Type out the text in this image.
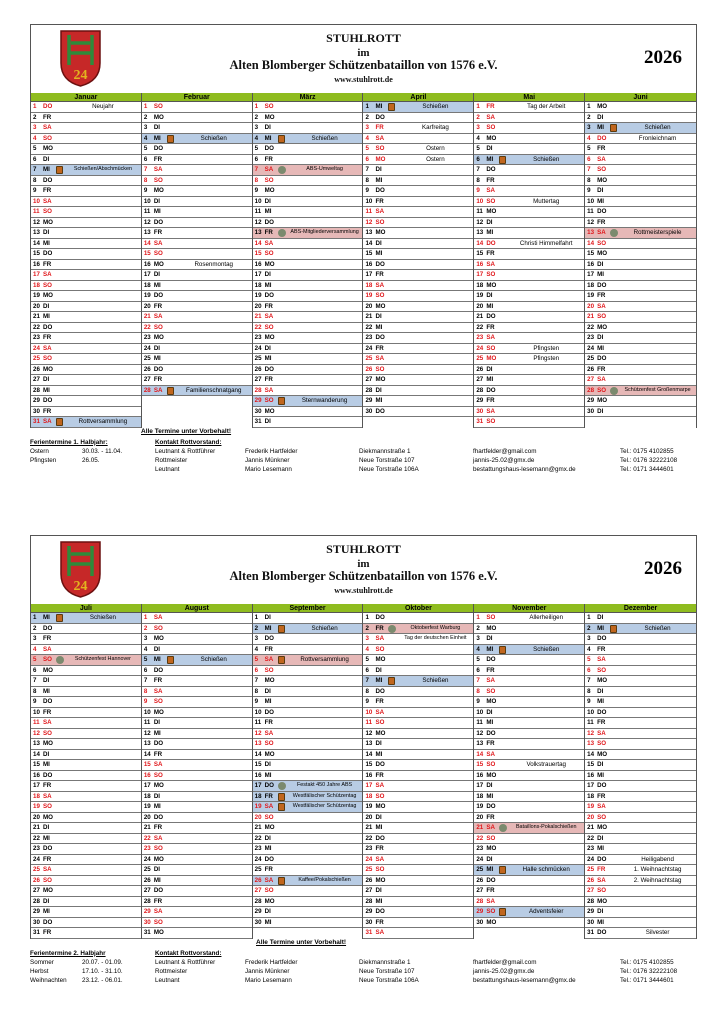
24
STUHLROTT
im
Alten Blomberger Schützenbataillon von 1576 e.V.
www.stuhlrott.de
2026
Januar
1	DO	Neujahr
2	FR
3	SA
4	SO
5	MO
6	DI
7	MI	Schießen/Abschmücken
8	DO
9	FR
10 SA
11 SO
12 MO
13 DI
14 MI
15 DO
16 FR
17 SA
18 SO
19 MO
20 DI
21 MI
22 DO
23 FR
24 SA
25 SO
26 MO
27 DI
28 MI
29 DO
30 FR
31 SA	Rottversammlung
Februar
1	SO
2	MO
3	DI
4	MI	Schießen
5	DO
6	FR
7	SA
8	SO
9	MO
10 DI
11 MI
12 DO
13 FR
14 SA
15 SO
16 MO	Rosenmontag
17 DI
18 MI
19 DO
20 FR
21 SA
22 SO
23 MO
24 DI
25 MI
26 DO
27 FR
28 SA	Familienschnatgang
März
1	SO
2	MO
3	DI
4	MI	Schießen
5	DO
6	FR
7	SA	ABS-Umweltag
8	SO
9	MO
10 DI
11 MI
12 DO
13 FR	ABS-Mitgliederversammlung
14 SA
15 SO
16 MO
17 DI
18 MI
19 DO
20 FR
21 SA
22 SO
23 MO
24 DI
25 MI
26 DO
27 FR
28 SA
29 SO	Sternwanderung
30 MO
31 DI
April
1	MI	Schießen
2	DO
3	FR	Karfreitag
4	SA
5	SO	Ostern
6	MO	Ostern
7	DI
8	MI
9	DO
10 FR
11 SA
12 SO
13 MO
14 DI
15 MI
16 DO
17 FR
18 SA
19 SO
20 MO
21 DI
22 MI
23 DO
24 FR
25 SA
26 SO
27 MO
28 DI
29 MI
30 DO
Mai
1	FR	Tag der Arbeit
2	SA
3	SO
4	MO
5	DI
6	MI	Schießen
7	DO
8	FR
9	SA
10 SO	Muttertag
11 MO
12 DI
13 MI
14 DO	Christi Himmelfahrt
15 FR
16 SA
17 SO
18 MO
19 DI
20 MI
21 DO
22 FR
23 SA
24 SO	Pfingsten
25 MO	Pfingsten
26 DI
27 MI
28 DO
29 FR
30 SA
31 SO
Juni
1	MO
2	DI
3	MI	Schießen
4	DO	Fronleichnam
5	FR
6	SA
7	SO
8	MO
9	DI
10 MI
11 DO
12 FR
13 SA	Rottmeisterspiele
14 SO
15 MO
16 DI
17 MI
18 DO
19 FR
20 SA
21 SO
22 MO
23 DI
24 MI
25 DO
26 FR
27 SA
28 SO	Schützenfest Großenmarpe
29 MO
30 DI
Alle Termine unter Vorbehalt!
Ferientermine 1. Halbjahr:
Ostern	30.03. - 11.04.
Pfingsten	26.05.
Kontakt Rottvorstand:
Leutnant & Rottführer	Frederik Hartfelder	Diekmannstraße 1	fhartfelder@gmail.com	Tel.: 0175 4102855
Rottmeister	Jannis Münkner	Neue Torstraße 107	jannis-25.02@gmx.de	Tel.: 0176 32222108
Leutnant	Mario Lesemann	Neue Torstraße 106A	bestattungshaus-lesemann@gmx.de	Tel.: 0171 3444601
24
STUHLROTT
im
Alten Blomberger Schützenbataillon von 1576 e.V.
www.stuhlrott.de
2026
Juli
1	MI	Schießen
2	DO
3	FR
4	SA
5	SO	Schützenfest Hannover
6	MO
7	DI
8	MI
9	DO
10 FR
11 SA
12 SO
13 MO
14 DI
15 MI
16 DO
17 FR
18 SA
19 SO
20 MO
21 DI
22 MI
23 DO
24 FR
25 SA
26 SO
27 MO
28 DI
29 MI
30 DO
31 FR
August
1	SA
2	SO
3	MO
4	DI
5	MI	Schießen
6	DO
7	FR
8	SA
9	SO
10 MO
11 DI
12 MI
13 DO
14 FR
15 SA
16 SO
17 MO
18 DI
19 MI
20 DO
21 FR
22 SA
23 SO
24 MO
25 DI
26 MI
27 DO
28 FR
29 SA
30 SO
31 MO
September
1	DI
2	MI	Schießen
3	DO
4	FR
5	SA	Rottversammlung
6	SO
7	MO
8	DI
9	MI
10 DO
11 FR
12 SA
13 SO
14 MO
15 DI
16 MI
17 DO	Festakt 450 Jahre ABS
18 FR	Westfälischer Schützentag
19 SA	Westfälischer Schützentag
20 SO
21 MO
22 DI
23 MI
24 DO
25 FR
26 SA	Kaffee/Pokalschießen
27 SO
28 MO
29 DI
30 MI
Oktober
1	DO
2	FR	Oktoberfest Warburg
3	SA	Tag der deutschen Einheit
4	SO
5	MO
6	DI
7	MI	Schießen
8	DO
9	FR
10 SA
11 SO
12 MO
13 DI
14 MI
15 DO
16 FR
17 SA
18 SO
19 MO
20 DI
21 MI
22 DO
23 FR
24 SA
25 SO
26 MO
27 DI
28 MI
29 DO
30 FR
31 SA
November
1	SO	Allerheiligen
2	MO
3	DI
4	MI	Schießen
5	DO
6	FR
7	SA
8	SO
9	MO
10 DI
11 MI
12 DO
13 FR
14 SA
15 SO	Volkstrauertag
16 MO
17 DI
18 MI
19 DO
20 FR
21 SA	Bataillons-Pokalschießen
22 SO
23 MO
24 DI
25 MI	Halle schmücken
26 DO
27 FR
28 SA
29 SO	Adventsfeier
30 MO
Dezember
1	DI
2	MI	Schießen
3	DO
4	FR
5	SA
6	SO
7	MO
8	DI
9	MI
10 DO
11 FR
12 SA
13 SO
14 MO
15 DI
16 MI
17 DO
18 FR
19 SA
20 SO
21 MO
22 DI
23 MI
24 DO	Heiligabend
25 FR	1. Weihnachtstag
26 SA	2. Weihnachtstag
27 SO
28 MO
29 DI
30 MI
31 DO	Silvester
Alle Termine unter Vorbehalt!
Ferientermine 2. Halbjahr
Sommer	20.07. - 01.09.
Herbst	17.10. - 31.10.
Weihnachten 23.12. - 06.01.
Kontakt Rottvorstand:
Leutnant & Rottführer	Frederik Hartfelder	Diekmannstraße 1	fhartfelder@gmail.com	Tel.: 0175 4102855
Rottmeister	Jannis Münkner	Neue Torstraße 107	jannis-25.02@gmx.de	Tel.: 0176 32222108
Leutnant	Mario Lesemann	Neue Torstraße 106A	bestattungshaus-lesemann@gmx.de	Tel.: 0171 3444601
